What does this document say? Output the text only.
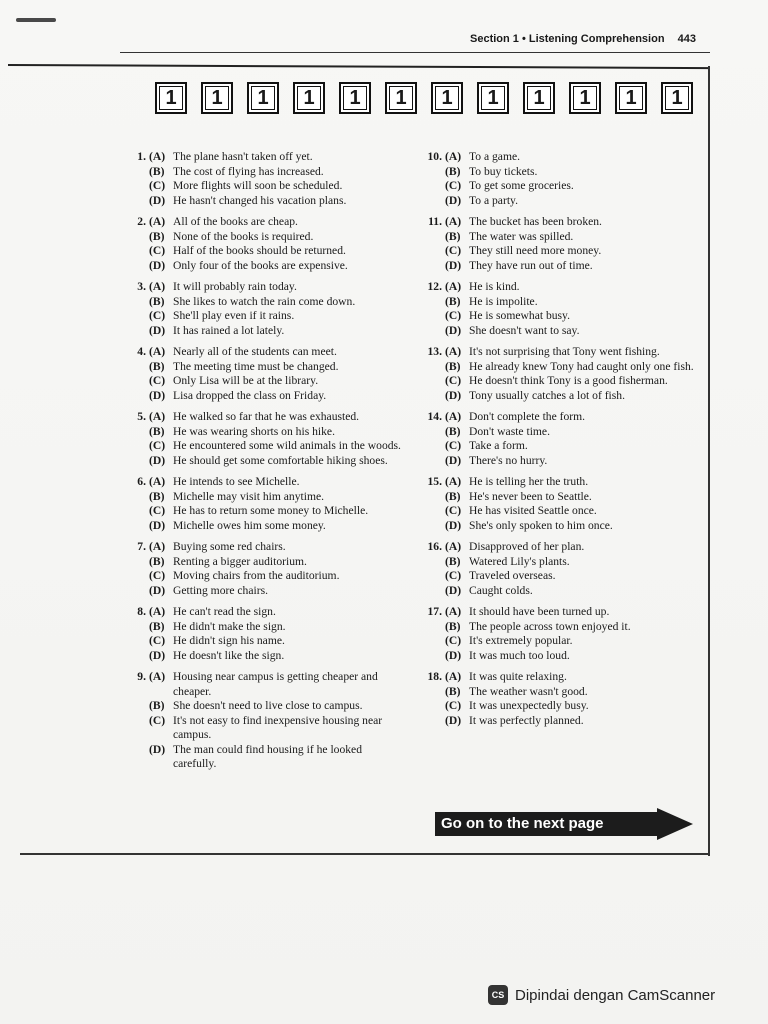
Section 1 • Listening Comprehension 443
1	1	1	1	1	1	1	1	1	1	1	1
1. (A) The plane hasn't taken off yet.
(B) The cost of flying has increased.
(C) More flights will soon be scheduled.
(D) He hasn't changed his vacation plans.
2. (A) All of the books are cheap.
(B) None of the books is required.
(C) Half of the books should be returned.
(D) Only four of the books are expensive.
3. (A) It will probably rain today.
(B) She likes to watch the rain come down.
(C) She'll play even if it rains.
(D) It has rained a lot lately.
4. (A) Nearly all of the students can meet.
(B) The meeting time must be changed.
(C) Only Lisa will be at the library.
(D) Lisa dropped the class on Friday.
5. (A) He walked so far that he was exhausted.
(B) He was wearing shorts on his hike.
(C) He encountered some wild animals in the woods.
(D) He should get some comfortable hiking shoes.
6. (A) He intends to see Michelle.
(B) Michelle may visit him anytime.
(C) He has to return some money to Michelle.
(D) Michelle owes him some money.
7. (A) Buying some red chairs.
(B) Renting a bigger auditorium.
(C) Moving chairs from the auditorium.
(D) Getting more chairs.
8. (A) He can't read the sign.
(B) He didn't make the sign.
(C) He didn't sign his name.
(D) He doesn't like the sign.
9. (A) Housing near campus is getting cheaper and cheaper.
(B) She doesn't need to live close to campus.
(C) It's not easy to find inexpensive housing near campus.
(D) The man could find housing if he looked carefully.
10. (A) To a game.
(B) To buy tickets.
(C) To get some groceries.
(D) To a party.
11. (A) The bucket has been broken.
(B) The water was spilled.
(C) They still need more money.
(D) They have run out of time.
12. (A) He is kind.
(B) He is impolite.
(C) He is somewhat busy.
(D) She doesn't want to say.
13. (A) It's not surprising that Tony went fishing.
(B) He already knew Tony had caught only one fish.
(C) He doesn't think Tony is a good fisherman.
(D) Tony usually catches a lot of fish.
14. (A) Don't complete the form.
(B) Don't waste time.
(C) Take a form.
(D) There's no hurry.
15. (A) He is telling her the truth.
(B) He's never been to Seattle.
(C) He has visited Seattle once.
(D) She's only spoken to him once.
16. (A) Disapproved of her plan.
(B) Watered Lily's plants.
(C) Traveled overseas.
(D) Caught colds.
17. (A) It should have been turned up.
(B) The people across town enjoyed it.
(C) It's extremely popular.
(D) It was much too loud.
18. (A) It was quite relaxing.
(B) The weather wasn't good.
(C) It was unexpectedly busy.
(D) It was perfectly planned.
Go on to the next page
CS Dipindai dengan CamScanner
